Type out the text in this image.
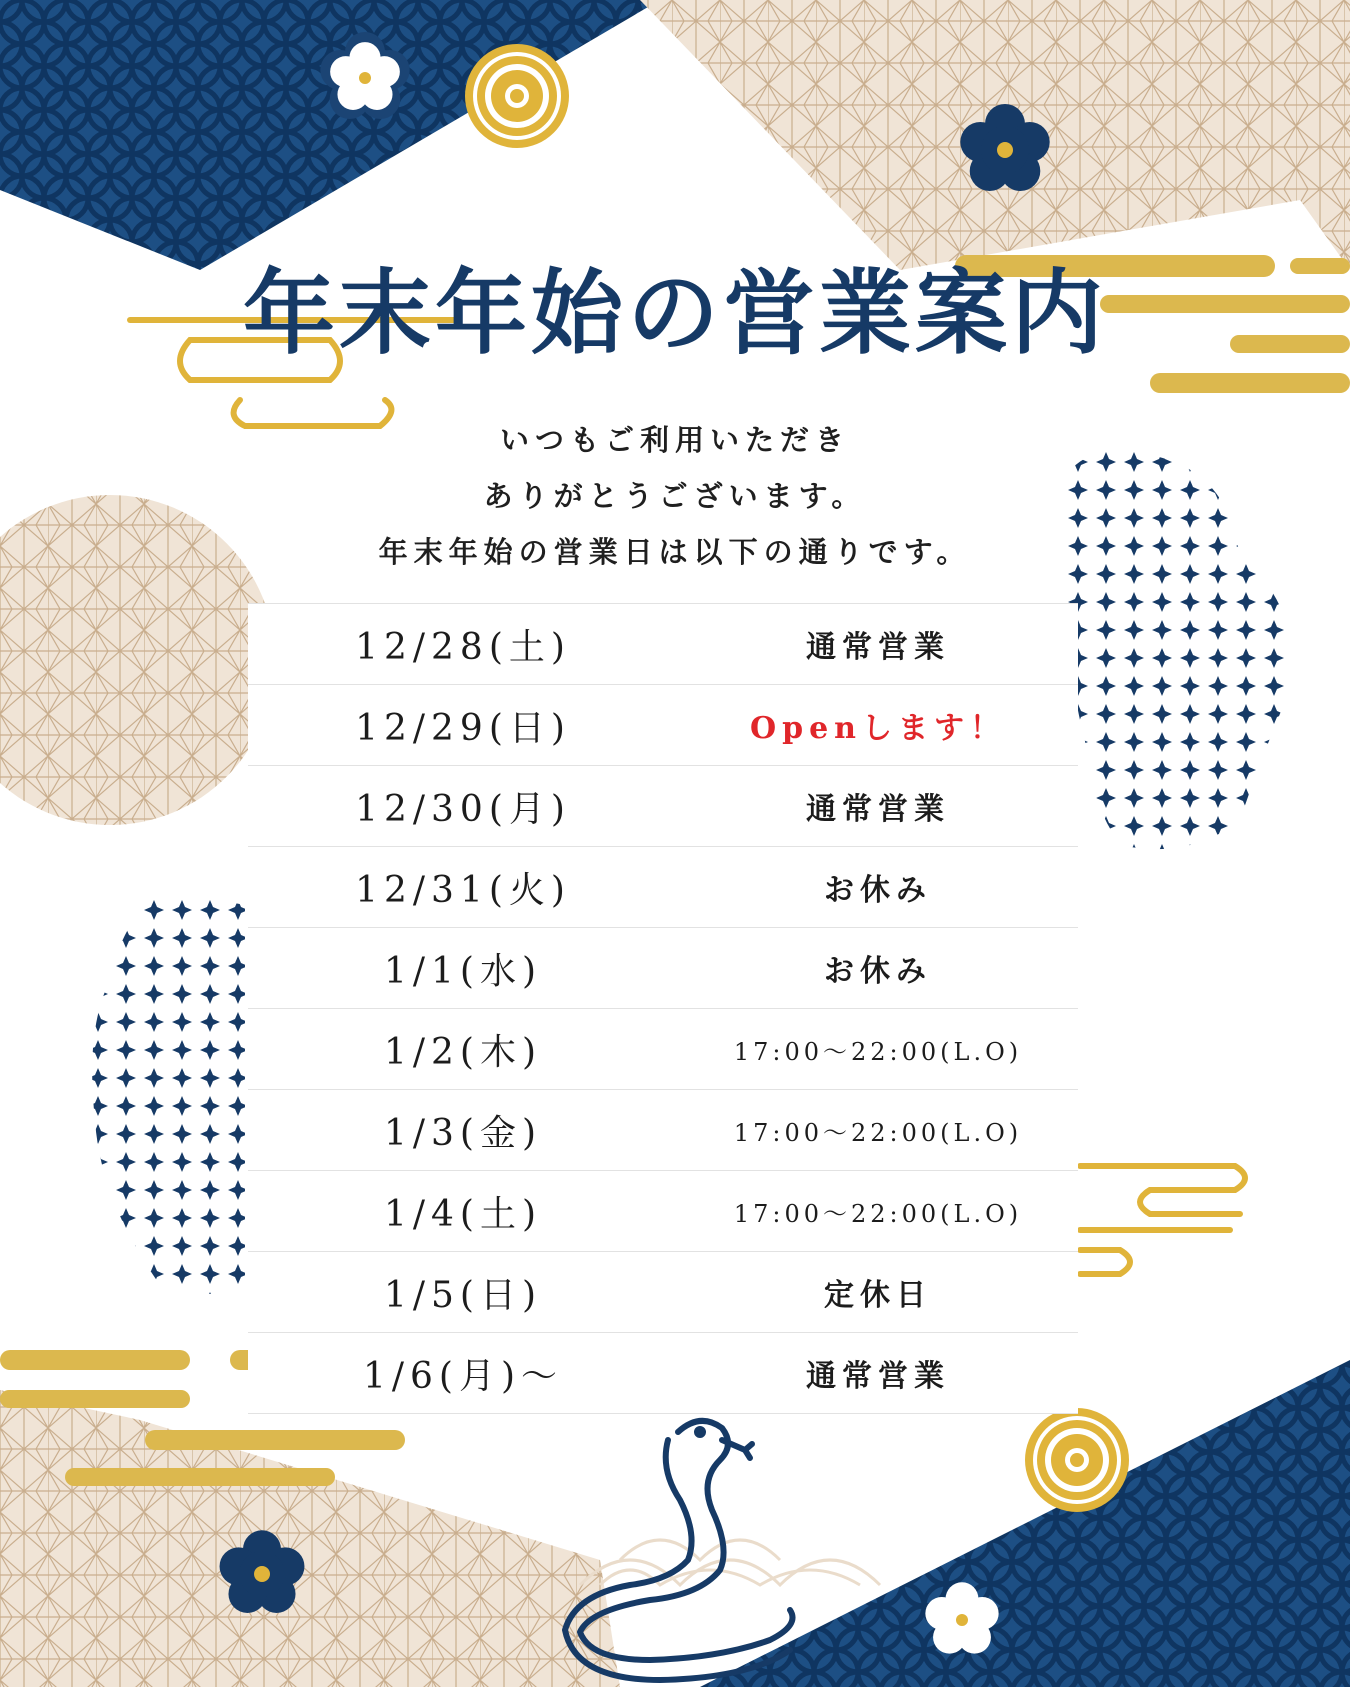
年末年始の営業案内
いつもご利用いただき
ありがとうございます。
年末年始の営業日は以下の通りです。
12/28(土)	通常営業
12/29(日)	Openします！
12/30(月)	通常営業
12/31(火)	お休み
1/1(水)	お休み
1/2(木)	17:00～22:00(L.O)
1/3(金)	17:00～22:00(L.O)
1/4(土)	17:00～22:00(L.O)
1/5(日)	定休日
1/6(月)～	通常営業
